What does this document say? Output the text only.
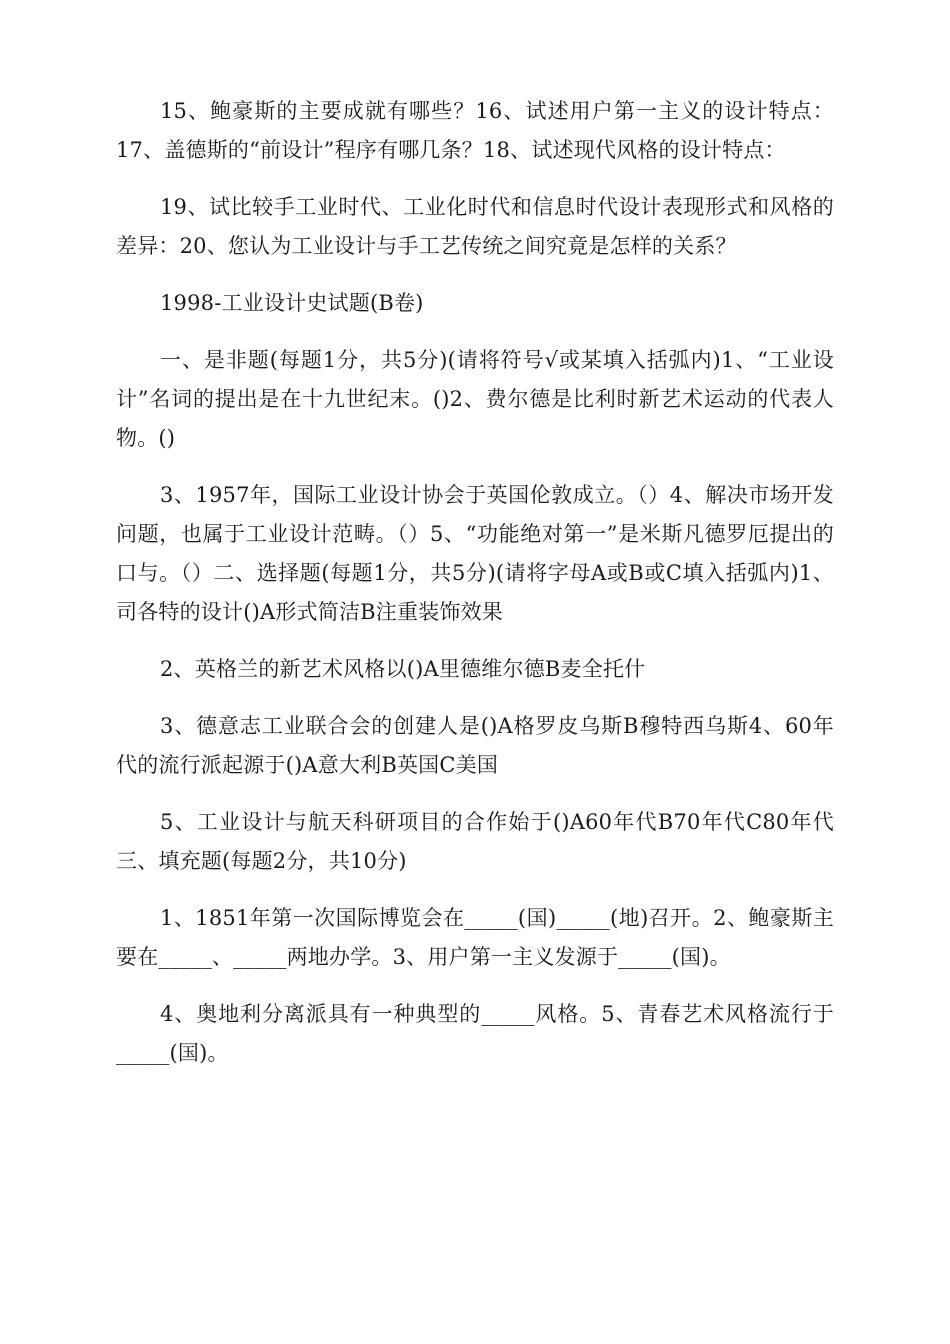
15、鲍豪斯的主要成就有哪些？16、试述用户第一主义的设计特点：17、盖德斯的“前设计”程序有哪几条？18、试述现代风格的设计特点：

19、试比较手工业时代、工业化时代和信息时代设计表现形式和风格的差异：20、您认为工业设计与手工艺传统之间究竟是怎样的关系？

1998-工业设计史试题(B卷)

一、是非题(每题1分，共5分)(请将符号√或某填入括弧内)1、“工业设计”名词的提出是在十九世纪末。()2、费尔德是比利时新艺术运动的代表人物。()

3、1957年，国际工业设计协会于英国伦敦成立。（）4、解决市场开发问题，也属于工业设计范畴。（）5、“功能绝对第一”是米斯凡德罗厄提出的口与。（）二、选择题(每题1分，共5分)(请将字母A或B或C填入括弧内)1、司各特的设计()A形式简洁B注重装饰效果

2、英格兰的新艺术风格以()A里德维尔德B麦全托什

3、德意志工业联合会的创建人是()A格罗皮乌斯B穆特西乌斯4、60年代的流行派起源于()A意大利B英国C美国

5、工业设计与航天科研项目的合作始于()A60年代B70年代C80年代三、填充题(每题2分，共10分)

1、1851年第一次国际博览会在_____(国)_____(地)召开。2、鲍豪斯主要在_____、_____两地办学。3、用户第一主义发源于_____(国)。

4、奥地利分离派具有一种典型的_____风格。5、青春艺术风格流行于_____(国)。
